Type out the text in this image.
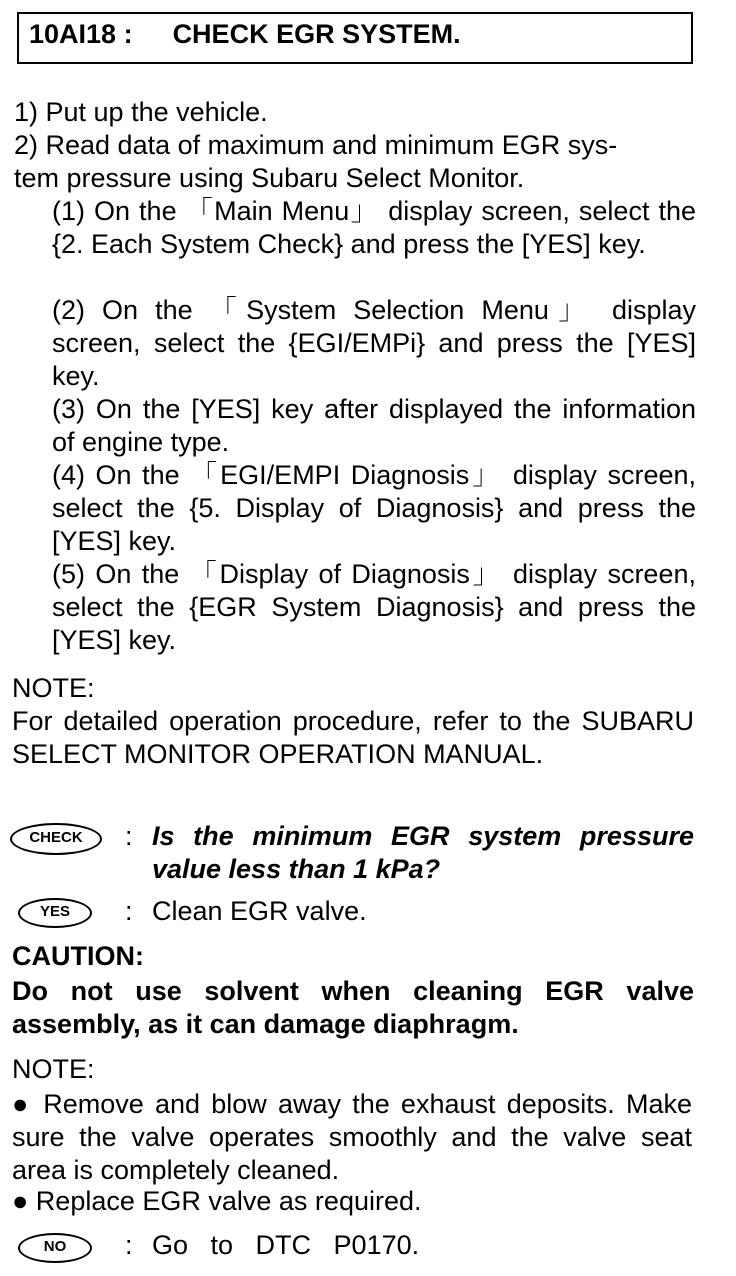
10AI18 : CHECK EGR SYSTEM.
1) Put up the vehicle.
2) Read data of maximum and minimum EGR sys-
tem pressure using Subaru Select Monitor.
(1) On the 「Main Menu」 display screen, select the {2. Each System Check} and press the [YES] key.
(2) On the 「System Selection Menu」 display screen, select the {EGI/EMPi} and press the [YES] key.
(3) On the [YES] key after displayed the information of engine type.
(4) On the 「EGI/EMPI Diagnosis」 display screen, select the {5. Display of Diagnosis} and press the [YES] key.
(5) On the 「Display of Diagnosis」 display screen, select the {EGR System Diagnosis} and press the [YES] key.
NOTE:
For detailed operation procedure, refer to the SUBARU SELECT MONITOR OPERATION MANUAL.
CHECK	: Is the minimum EGR system pressure value less than 1 kPa?
YES	: Clean EGR valve.
CAUTION:
Do not use solvent when cleaning EGR valve assembly, as it can damage diaphragm.
NOTE:
● Remove and blow away the exhaust deposits. Make sure the valve operates smoothly and the valve seat area is completely cleaned.
● Replace EGR valve as required.
NO	: Go   to   DTC   P0170.
